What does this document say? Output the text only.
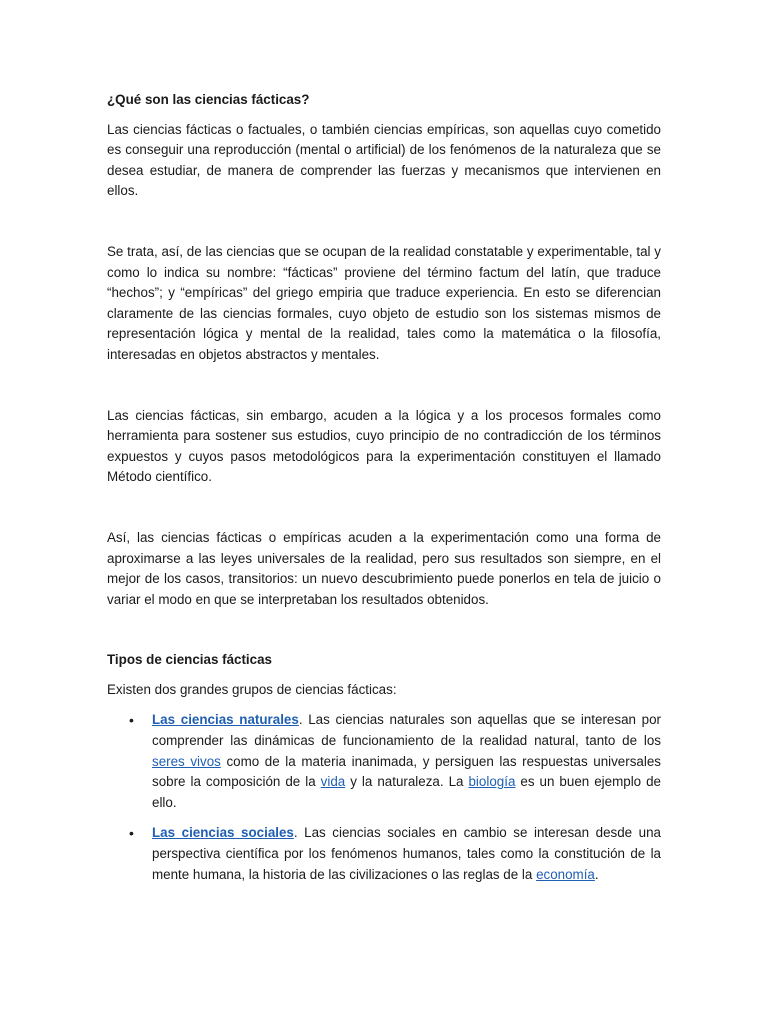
¿Qué son las ciencias fácticas?

Las ciencias fácticas o factuales, o también ciencias empíricas, son aquellas cuyo cometido es conseguir una reproducción (mental o artificial) de los fenómenos de la naturaleza que se desea estudiar, de manera de comprender las fuerzas y mecanismos que intervienen en ellos.

Se trata, así, de las ciencias que se ocupan de la realidad constatable y experimentable, tal y como lo indica su nombre: “fácticas” proviene del término factum del latín, que traduce “hechos”; y “empíricas” del griego empiria que traduce experiencia. En esto se diferencian claramente de las ciencias formales, cuyo objeto de estudio son los sistemas mismos de representación lógica y mental de la realidad, tales como la matemática o la filosofía, interesadas en objetos abstractos y mentales.

Las ciencias fácticas, sin embargo, acuden a la lógica y a los procesos formales como herramienta para sostener sus estudios, cuyo principio de no contradicción de los términos expuestos y cuyos pasos metodológicos para la experimentación constituyen el llamado Método científico.

Así, las ciencias fácticas o empíricas acuden a la experimentación como una forma de aproximarse a las leyes universales de la realidad, pero sus resultados son siempre, en el mejor de los casos, transitorios: un nuevo descubrimiento puede ponerlos en tela de juicio o variar el modo en que se interpretaban los resultados obtenidos.

Tipos de ciencias fácticas

Existen dos grandes grupos de ciencias fácticas:

• Las ciencias naturales. Las ciencias naturales son aquellas que se interesan por comprender las dinámicas de funcionamiento de la realidad natural, tanto de los seres vivos como de la materia inanimada, y persiguen las respuestas universales sobre la composición de la vida y la naturaleza. La biología es un buen ejemplo de ello.
• Las ciencias sociales. Las ciencias sociales en cambio se interesan desde una perspectiva científica por los fenómenos humanos, tales como la constitución de la mente humana, la historia de las civilizaciones o las reglas de la economía.
